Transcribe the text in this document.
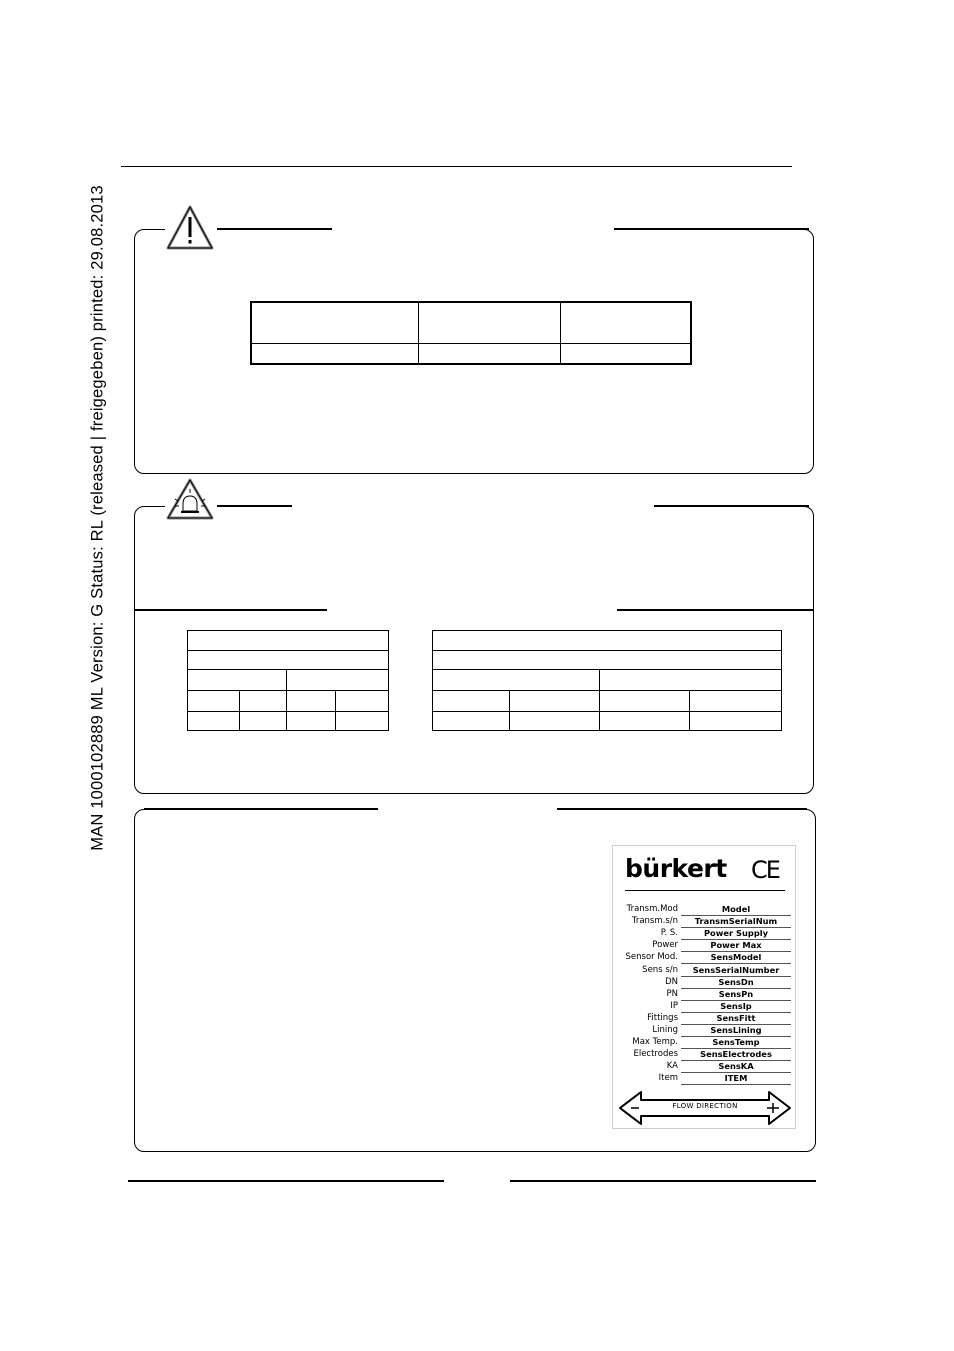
MAN 1000102889 ML Version: G Status: RL (released | freigegeben) printed: 29.08.2013

bürkert CE
Transm.Mod	Model
Transm.s/n	TransmSerialNum
P. S.	Power Supply
Power	Power Max
Sensor Mod.	SensModel
Sens s/n	SensSerialNumber
DN	SensDn
PN	SensPn
IP	SensIp
Fittings	SensFitt
Lining	SensLining
Max Temp.	SensTemp
Electrodes	SensElectrodes
KA	SensKA
Item	ITEM
FLOW DIRECTION
